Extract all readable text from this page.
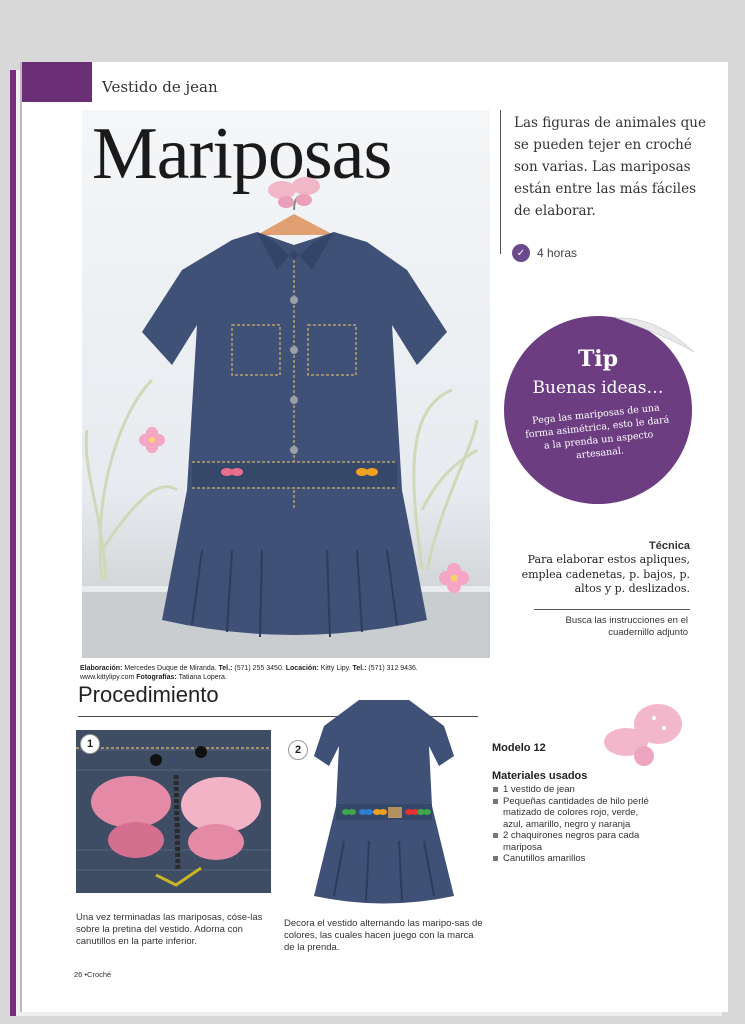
Vestido de jean
Mariposas
Elaboración: Mercedes Duque de Miranda. Tel.: (571) 255 3450. Locación: Kitty Lipy. Tel.: (571) 312 9436.
www.kittylipy.com Fotografías: Tatiana Lopera.
Las figuras de animales que se pueden tejer en croché son varias. Las mariposas están entre las más fáciles de elaborar.
✓ 4 horas
Tip
Buenas ideas…
Pega las mariposas de una forma asimétrica, esto le dará a la prenda un aspecto artesanal.
Técnica
Para elaborar estos apliques, emplea cadenetas, p. bajos, p. altos y p. deslizados.
Busca las instrucciones en el cuadernillo adjunto
Procedimiento
1	2
Una vez terminadas las mariposas, cóse-las sobre la pretina del vestido. Adorna con canutillos en la parte inferior.
Decora el vestido alternando las maripo-sas de colores, las cuales hacen juego con la marca de la prenda.
Modelo 12
Materiales usados
1 vestido de jean
Pequeñas cantidades de hilo perlé matizado de colores rojo, verde, azul, amarillo, negro y naranja
2 chaquirones negros para cada mariposa
Canutillos amarillos
26 •Croché
